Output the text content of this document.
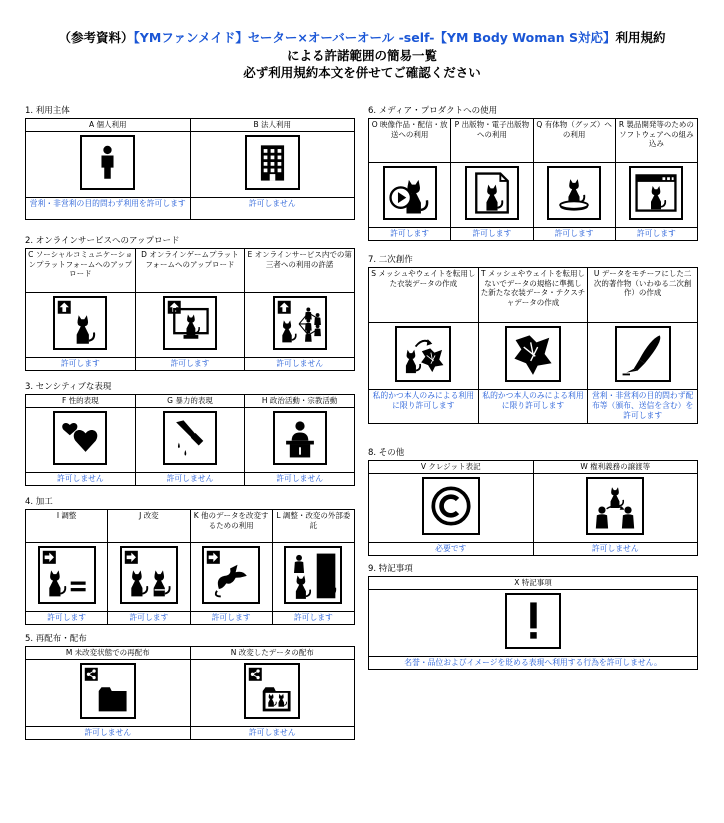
（参考資料）【YMファンメイド】セーター×オーバーオール -self-【YM Body Woman S対応】利用規約
による許諾範囲の簡易一覧
必ず利用規約本文を併せてご確認ください
1. 利用主体
A 個人利用	B 法人利用

営利・非営利の目的問わず利用を許可します	許可しません
2. オンラインサービスへのアップロード
C ソーシャルコミュニケーションプラットフォームへのアップロード	D オンラインゲームプラットフォームへのアップロード	E オンラインサービス内での第三者への利用の許諾

許可します	許可します	許可しません
3. センシティブな表現
F 性的表現	G 暴力的表現	H 政治活動・宗教活動

許可しません	許可しません	許可しません
4. 加工
I 調整	J 改変	K 他のデータを改変するための利用	L 調整・改変の外部委託

許可します	許可します	許可します	許可します
5. 再配布・配布
M 未改変状態での再配布	N 改変したデータの配布

許可しません	許可しません
6. メディア・プロダクトへの使用
O 映像作品・配信・放送への利用	P 出版物・電子出版物への利用	Q 有体物（グッズ）への利用	R 製品開発等のためのソフトウェアへの組み込み

許可します	許可します	許可します	許可します
7. 二次創作
S メッシュやウェイトを転用した衣装データの作成	T メッシュやウェイトを転用しないでデータの規格に準拠した新たな衣装データ・テクスチャデータの作成	U データをモチーフにした二次的著作物（いわゆる二次創作）の作成

私的かつ本人のみによる利用に限り許可します	私的かつ本人のみによる利用に限り許可します	営利・非営利の目的問わず配布等（頒布、送信を含む）を許可します
8. その他
V クレジット表記	W 権利義務の譲渡等

必要です	許可しません
9. 特記事項
X 特記事項

名誉・品位およびイメージを貶める表現へ利用する行為を許可しません。
